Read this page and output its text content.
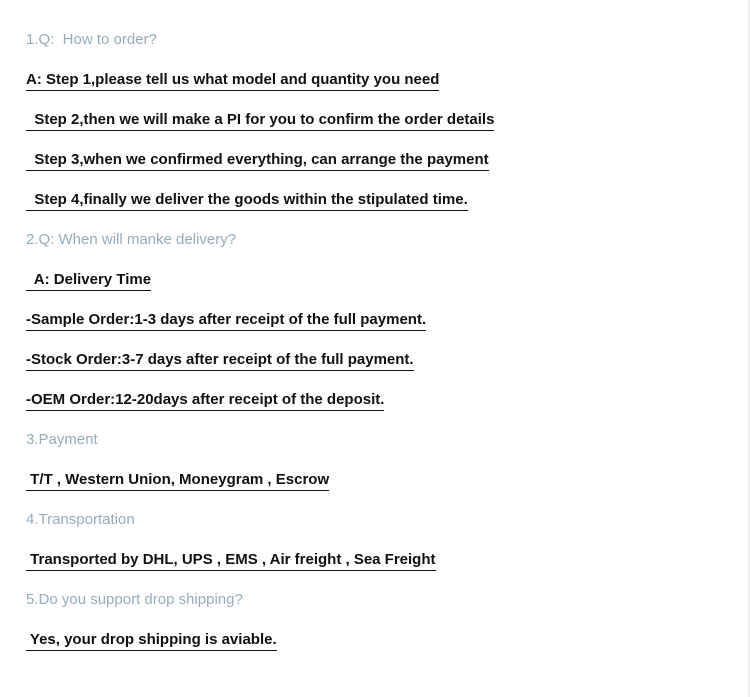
1.Q:  How to order?
A: Step 1,please tell us what model and quantity you need
Step 2,then we will make a PI for you to confirm the order details
Step 3,when we confirmed everything, can arrange the payment
Step 4,finally we deliver the goods within the stipulated time.
2.Q: When will manke delivery?
A: Delivery Time
-Sample Order:1-3 days after receipt of the full payment.
-Stock Order:3-7 days after receipt of the full payment.
-OEM Order:12-20days after receipt of the deposit.
3.Payment
T/T , Western Union, Moneygram , Escrow
4.Transportation
Transported by DHL, UPS , EMS , Air freight , Sea Freight
5.Do you support drop shipping?
Yes, your drop shipping is aviable.
